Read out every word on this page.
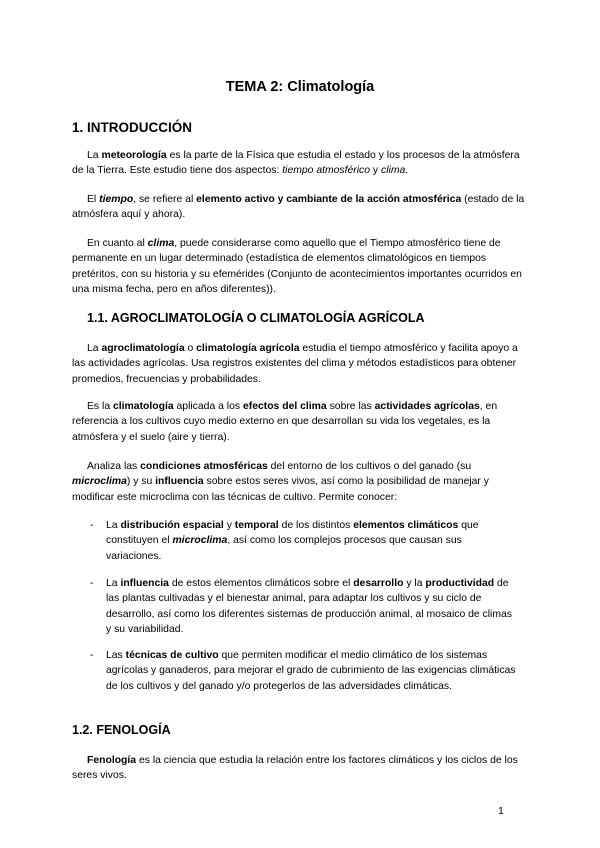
TEMA 2: Climatología
1. INTRODUCCIÓN

La meteorología es la parte de la Física que estudia el estado y los procesos de la atmósfera de la Tierra. Este estudio tiene dos aspectos: tiempo atmosférico y clima.

El tiempo, se refiere al elemento activo y cambiante de la acción atmosférica (estado de la atmósfera aquí y ahora).

En cuanto al clima, puede considerarse como aquello que el Tiempo atmosférico tiene de permanente en un lugar determinado (estadística de elementos climatológicos en tiempos pretéritos, con su historia y su efemérides (Conjunto de acontecimientos importantes ocurridos en una misma fecha, pero en años diferentes)).

1.1. AGROCLIMATOLOGÍA O CLIMATOLOGÍA AGRÍCOLA

La agroclimatología o climatología agrícola estudia el tiempo atmosférico y facilita apoyo a las actividades agrícolas. Usa registros existentes del clima y métodos estadísticos para obtener promedios, frecuencias y probabilidades.

Es la climatología aplicada a los efectos del clima sobre las actividades agrícolas, en referencia a los cultivos cuyo medio externo en que desarrollan su vida los vegetales, es la atmósfera y el suelo (aire y tierra).

Analiza las condiciones atmosféricas del entorno de los cultivos o del ganado (su microclima) y su influencia sobre estos seres vivos, así como la posibilidad de manejar y modificar este microclima con las técnicas de cultivo. Permite conocer:

- La distribución espacial y temporal de los distintos elementos climáticos que constituyen el microclima, así como los complejos procesos que causan sus variaciones.

- La influencia de estos elementos climáticos sobre el desarrollo y la productividad de las plantas cultivadas y el bienestar animal, para adaptar los cultivos y su ciclo de desarrollo, así como los diferentes sistemas de producción animal, al mosaico de climas y su variabilidad.

- Las técnicas de cultivo que permiten modificar el medio climático de los sistemas agrícolas y ganaderos, para mejorar el grado de cubrimiento de las exigencias climáticas de los cultivos y del ganado y/o protegerlos de las adversidades climáticas.

1.2. FENOLOGÍA

Fenología es la ciencia que estudia la relación entre los factores climáticos y los ciclos de los seres vivos.

1
